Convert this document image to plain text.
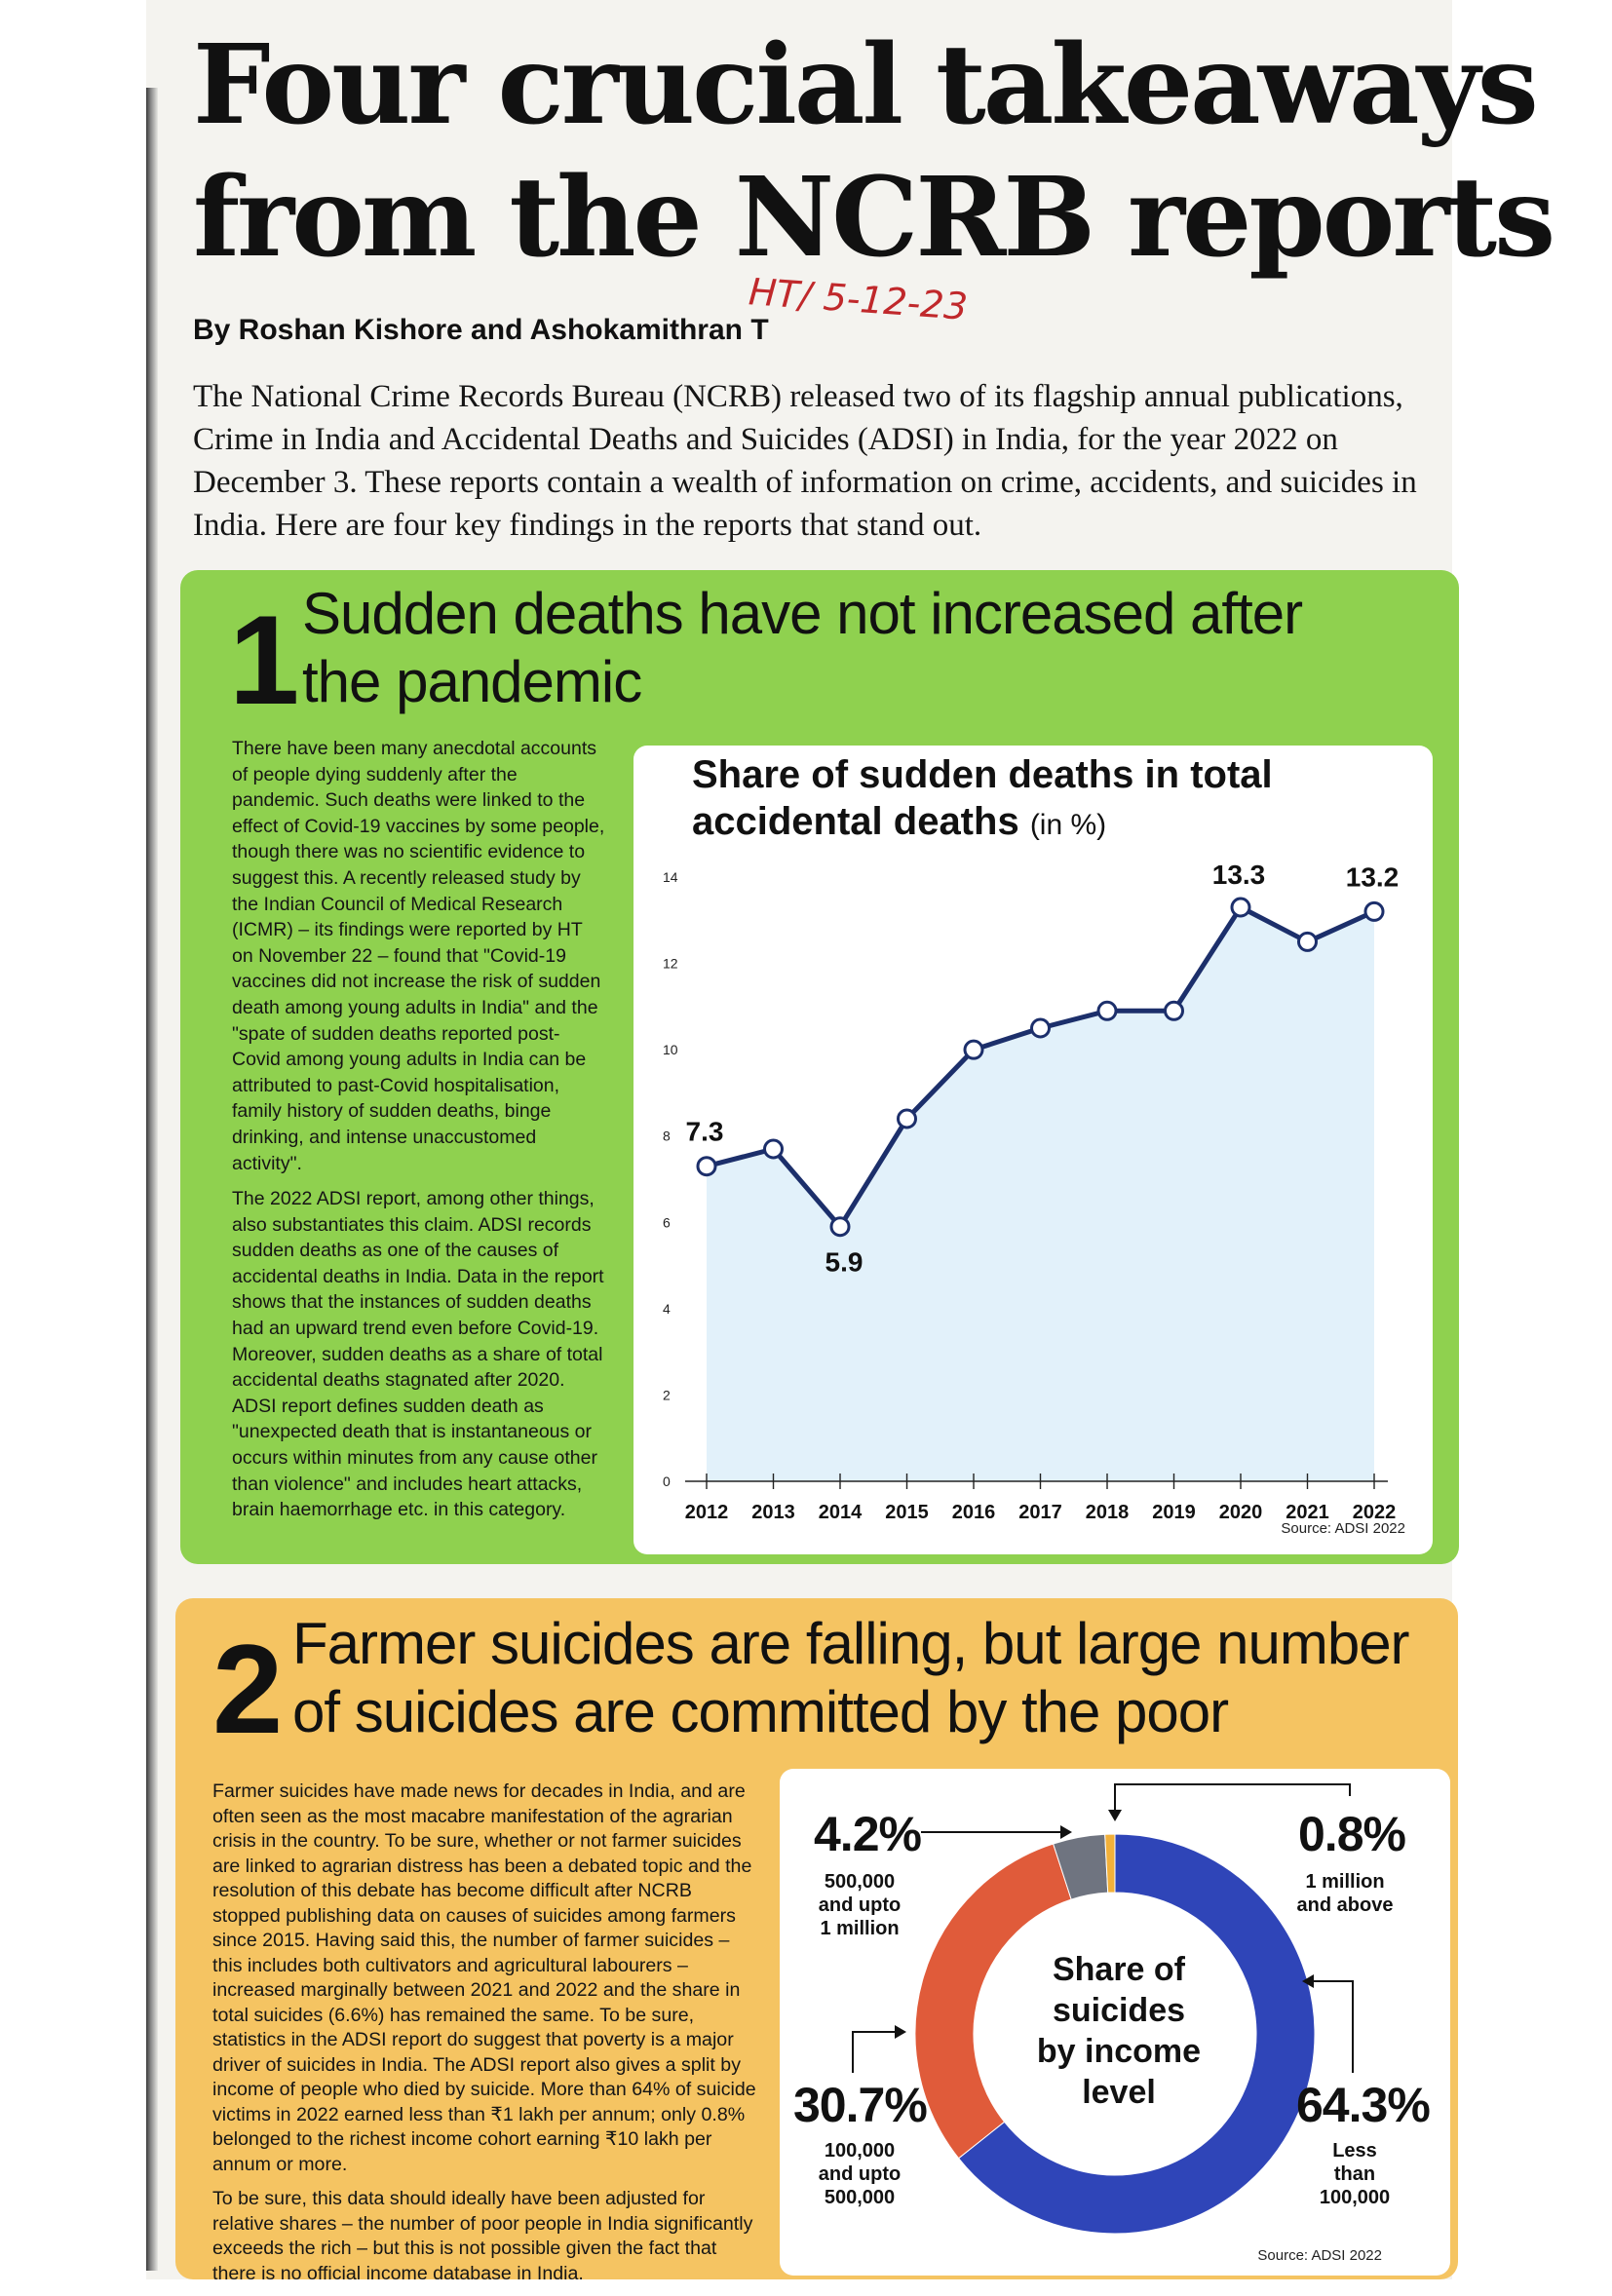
Four crucial takeaways
from the NCRB reports
By Roshan Kishore and Ashokamithran T
HT/ 5-12-23
The National Crime Records Bureau (NCRB) released two of its flagship annual publications, Crime in India and Accidental Deaths and Suicides (ADSI) in India, for the year 2022 on December 3. These reports contain a wealth of information on crime, accidents, and suicides in India. Here are four key findings in the reports that stand out.
1 Sudden deaths have not increased after
the pandemic

There have been many anecdotal accounts of people dying suddenly after the pandemic. Such deaths were linked to the effect of Covid-19 vaccines by some people, though there was no scientific evidence to suggest this. A recently released study by the Indian Council of Medical Research (ICMR) – its findings were reported by HT on November 22 – found that "Covid-19 vaccines did not increase the risk of sudden death among young adults in India" and the "spate of sudden deaths reported post-Covid among young adults in India can be attributed to past-Covid hospitalisation, family history of sudden deaths, binge drinking, and intense unaccustomed activity".

The 2022 ADSI report, among other things, also substantiates this claim. ADSI records sudden deaths as one of the causes of accidental deaths in India. Data in the report shows that the instances of sudden deaths had an upward trend even before Covid-19. Moreover, sudden deaths as a share of total accidental deaths stagnated after 2020. ADSI report defines sudden death as "unexpected death that is instantaneous or occurs within minutes from any cause other than violence" and includes heart attacks, brain haemorrhage etc. in this category.

Share of sudden deaths in total
accidental deaths (in %)
0
2
4
6
8
10
12
14
2012 2013 2014 2015 2016 2017 2018 2019 2020 2021 2022
7.3
5.9
13.3	13.2
Source: ADSI 2022
2 Farmer suicides are falling, but large number
of suicides are committed by the poor

Farmer suicides have made news for decades in India, and are often seen as the most macabre manifestation of the agrarian crisis in the country. To be sure, whether or not farmer suicides are linked to agrarian distress has been a debated topic and the resolution of this debate has become difficult after NCRB stopped publishing data on causes of suicides among farmers since 2015. Having said this, the number of farmer suicides – this includes both cultivators and agricultural labourers – increased marginally between 2021 and 2022 and the share in total suicides (6.6%) has remained the same. To be sure, statistics in the ADSI report do suggest that poverty is a major driver of suicides in India. The ADSI report also gives a split by income of people who died by suicide. More than 64% of suicide victims in 2022 earned less than ₹1 lakh per annum; only 0.8% belonged to the richest income cohort earning ₹10 lakh per annum or more.

To be sure, this data should ideally have been adjusted for relative shares – the number of poor people in India significantly exceeds the rich – but this is not possible given the fact that there is no official income database in India.

Share of
suicides
by income
level
4.2%
500,000
and upto
1 million
0.8%
1 million
and above
30.7%
100,000
and upto
500,000
64.3%
Less
than
100,000
Source: ADSI 2022
